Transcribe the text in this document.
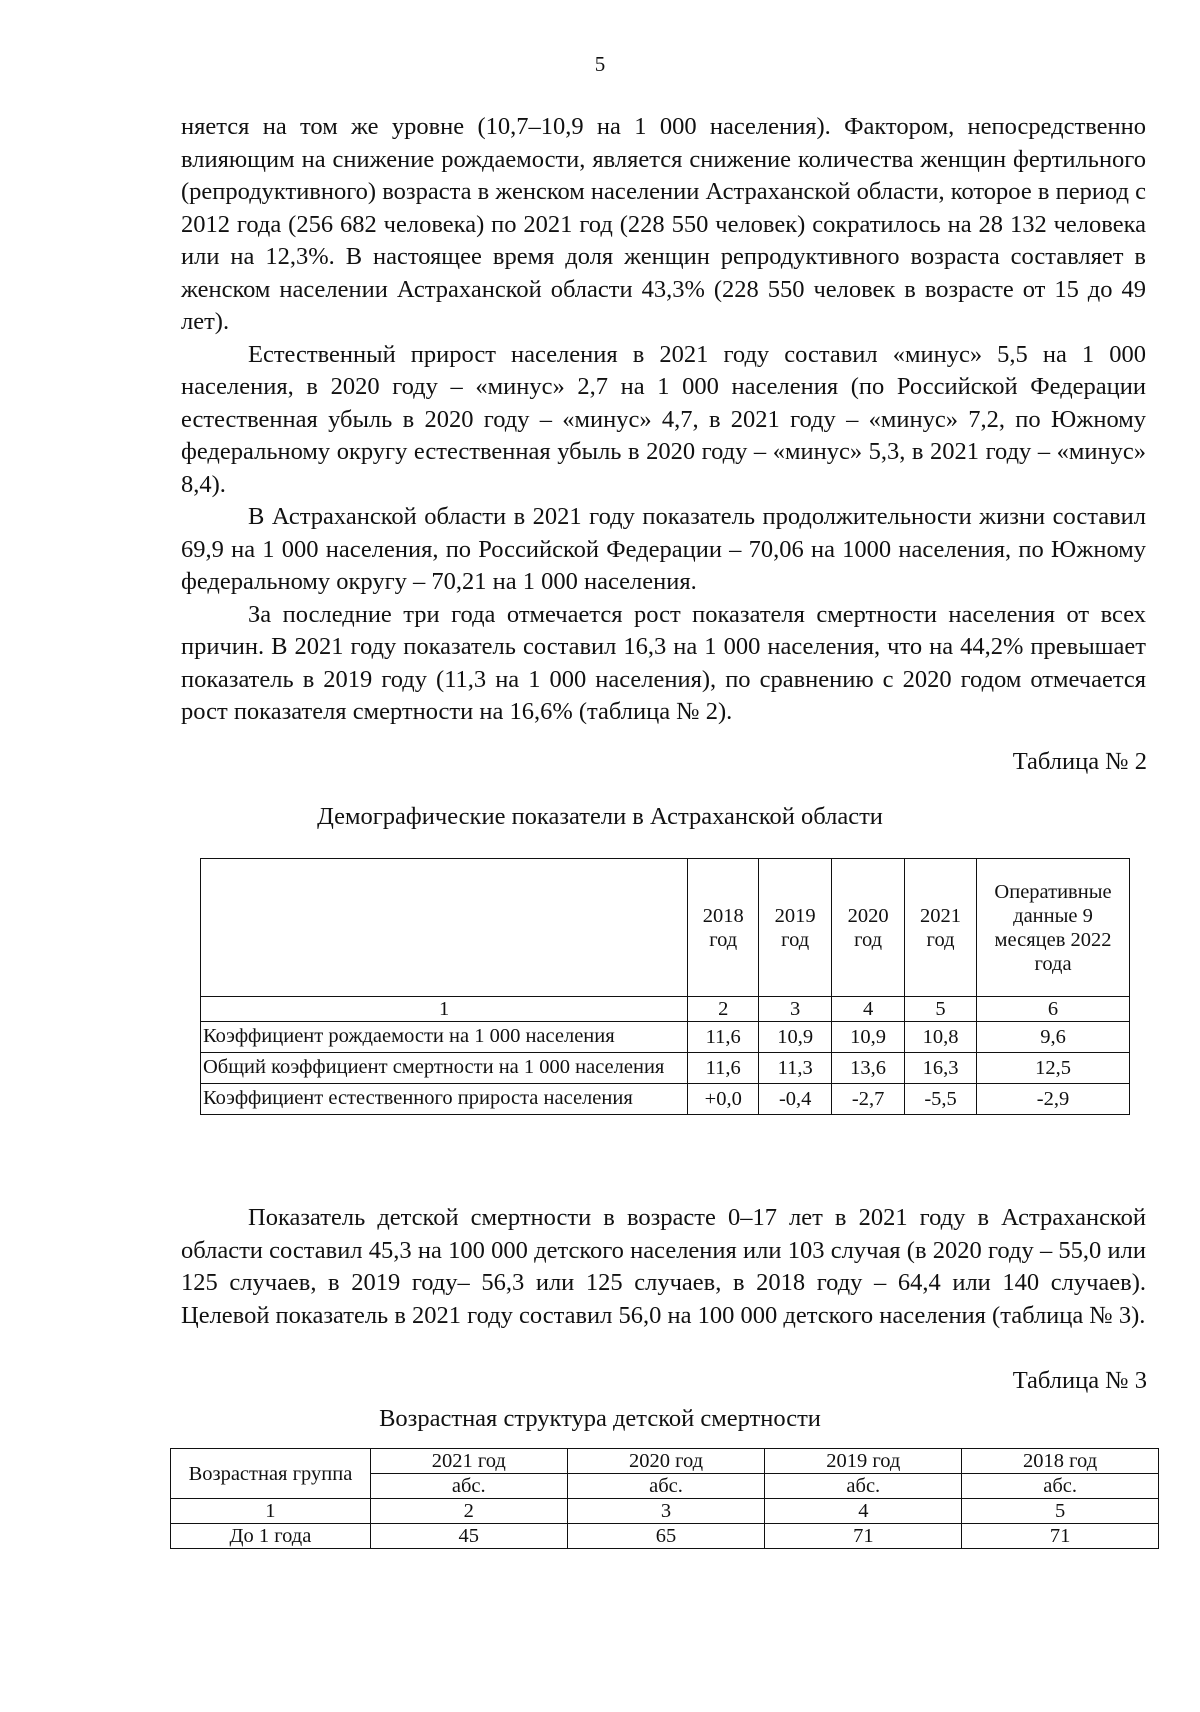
5

няется на том же уровне (10,7–10,9 на 1 000 населения). Фактором, непосредственно влияющим на снижение рождаемости, является снижение количества женщин фертильного (репродуктивного) возраста в женском населении Астраханской области, которое в период с 2012 года (256 682 человека) по 2021 год (228 550 человек) сократилось на 28 132 человека или на 12,3%. В настоящее время доля женщин репродуктивного возраста составляет в женском населении Астраханской области 43,3% (228 550 человек в возрасте от 15 до 49 лет).

Естественный прирост населения в 2021 году составил «минус» 5,5 на 1 000 населения, в 2020 году – «минус» 2,7 на 1 000 населения (по Российской Федерации естественная убыль в 2020 году – «минус» 4,7, в 2021 году – «минус» 7,2, по Южному федеральному округу естественная убыль в 2020 году – «минус» 5,3, в 2021 году – «минус» 8,4).

В Астраханской области в 2021 году показатель продолжительности жизни составил 69,9 на 1 000 населения, по Российской Федерации – 70,06 на 1000 населения, по Южному федеральному округу – 70,21 на 1 000 населения.

За последние три года отмечается рост показателя смертности населения от всех причин. В 2021 году показатель составил 16,3 на 1 000 населения, что на 44,2% превышает показатель в 2019 году (11,3 на 1 000 населения), по сравнению с 2020 годом отмечается рост показателя смертности на 16,6% (таблица № 2).

Таблица № 2
Демографические показатели в Астраханской области
	2018 год	2019 год	2020 год	2021 год	Оперативные данные 9 месяцев 2022 года
1	2	3	4	5	6
Коэффициент рождаемости на 1 000 населения	11,6	10,9	10,9	10,8	9,6
Общий коэффициент смертности на 1 000 населения	11,6	11,3	13,6	16,3	12,5
Коэффициент естественного прироста населения	+0,0	-0,4	-2,7	-5,5	-2,9

Показатель детской смертности в возрасте 0–17 лет в 2021 году в Астраханской области составил 45,3 на 100 000 детского населения или 103 случая (в 2020 году – 55,0 или 125 случаев, в 2019 году– 56,3 или 125 случаев, в 2018 году – 64,4 или 140 случаев). Целевой показатель в 2021 году составил 56,0 на 100 000 детского населения (таблица № 3).

Таблица № 3
Возрастная структура детской смертности
Возрастная группа	2021 год	2020 год	2019 год	2018 год
	абс.	абс.	абс.	абс.
1	2	3	4	5
До 1 года	45	65	71	71
